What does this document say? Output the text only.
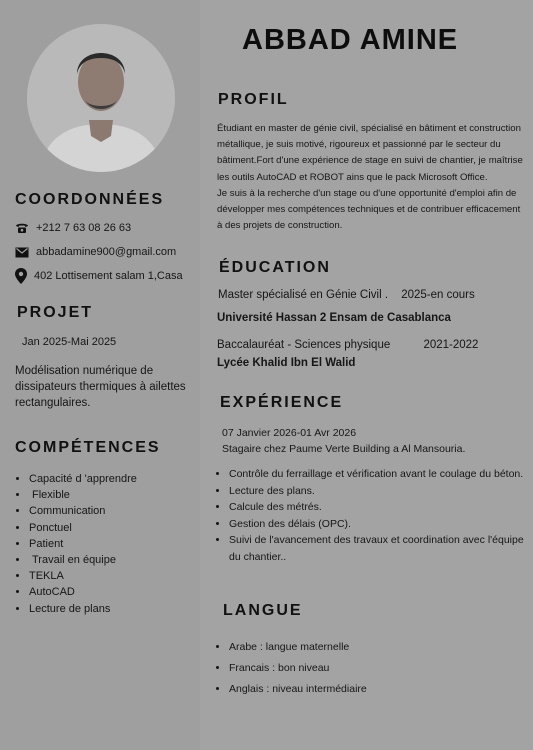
COORDONNÉES
+212 7 63 08 26 63
abbadamine900@gmail.com
402 Lottisement salam 1,Casa
PROJET
Jan 2025-Mai 2025
Modélisation numérique de dissipateurs thermiques à ailettes rectangulaires.
COMPÉTENCES
• Capacité d 'apprendre
• Flexible
• Communication
• Ponctuel
• Patient
• Travail en équipe
• TEKLA
• AutoCAD
• Lecture de plans
ABBAD AMINE
PROFIL

Étudiant en master de génie civil, spécialisé en bâtiment et construction métallique, je suis motivé, rigoureux et passionné par le secteur du bâtiment.Fort d'une expérience de stage en suivi de chantier, je maîtrise les outils AutoCAD et ROBOT ains que le pack Microsoft Office.

Je suis à la recherche d'un stage ou d'une opportunité d'emploi afin de développer mes compétences techniques et de contribuer efficacement à des projets de construction.

ÉDUCATION
Master spécialisé en Génie Civil . 2025-en cours
Université Hassan 2 Ensam de Casablanca
Baccalauréat - Sciences physique	2021-2022
Lycée Khalid Ibn El Walid
EXPÉRIENCE
07 Janvier 2026-01 Avr 2026
Stagaire chez Paume Verte Building a Al Mansouria.
• Contrôle du ferraillage et vérification avant le coulage du béton.
• Lecture des plans.
• Calcule des métrés.
• Gestion des délais (OPC).
• Suivi de l'avancement des travaux et coordination avec l'équipe du chantier..
LANGUE
• Arabe : langue maternelle
• Francais : bon niveau
• Anglais : niveau intermédiaire
